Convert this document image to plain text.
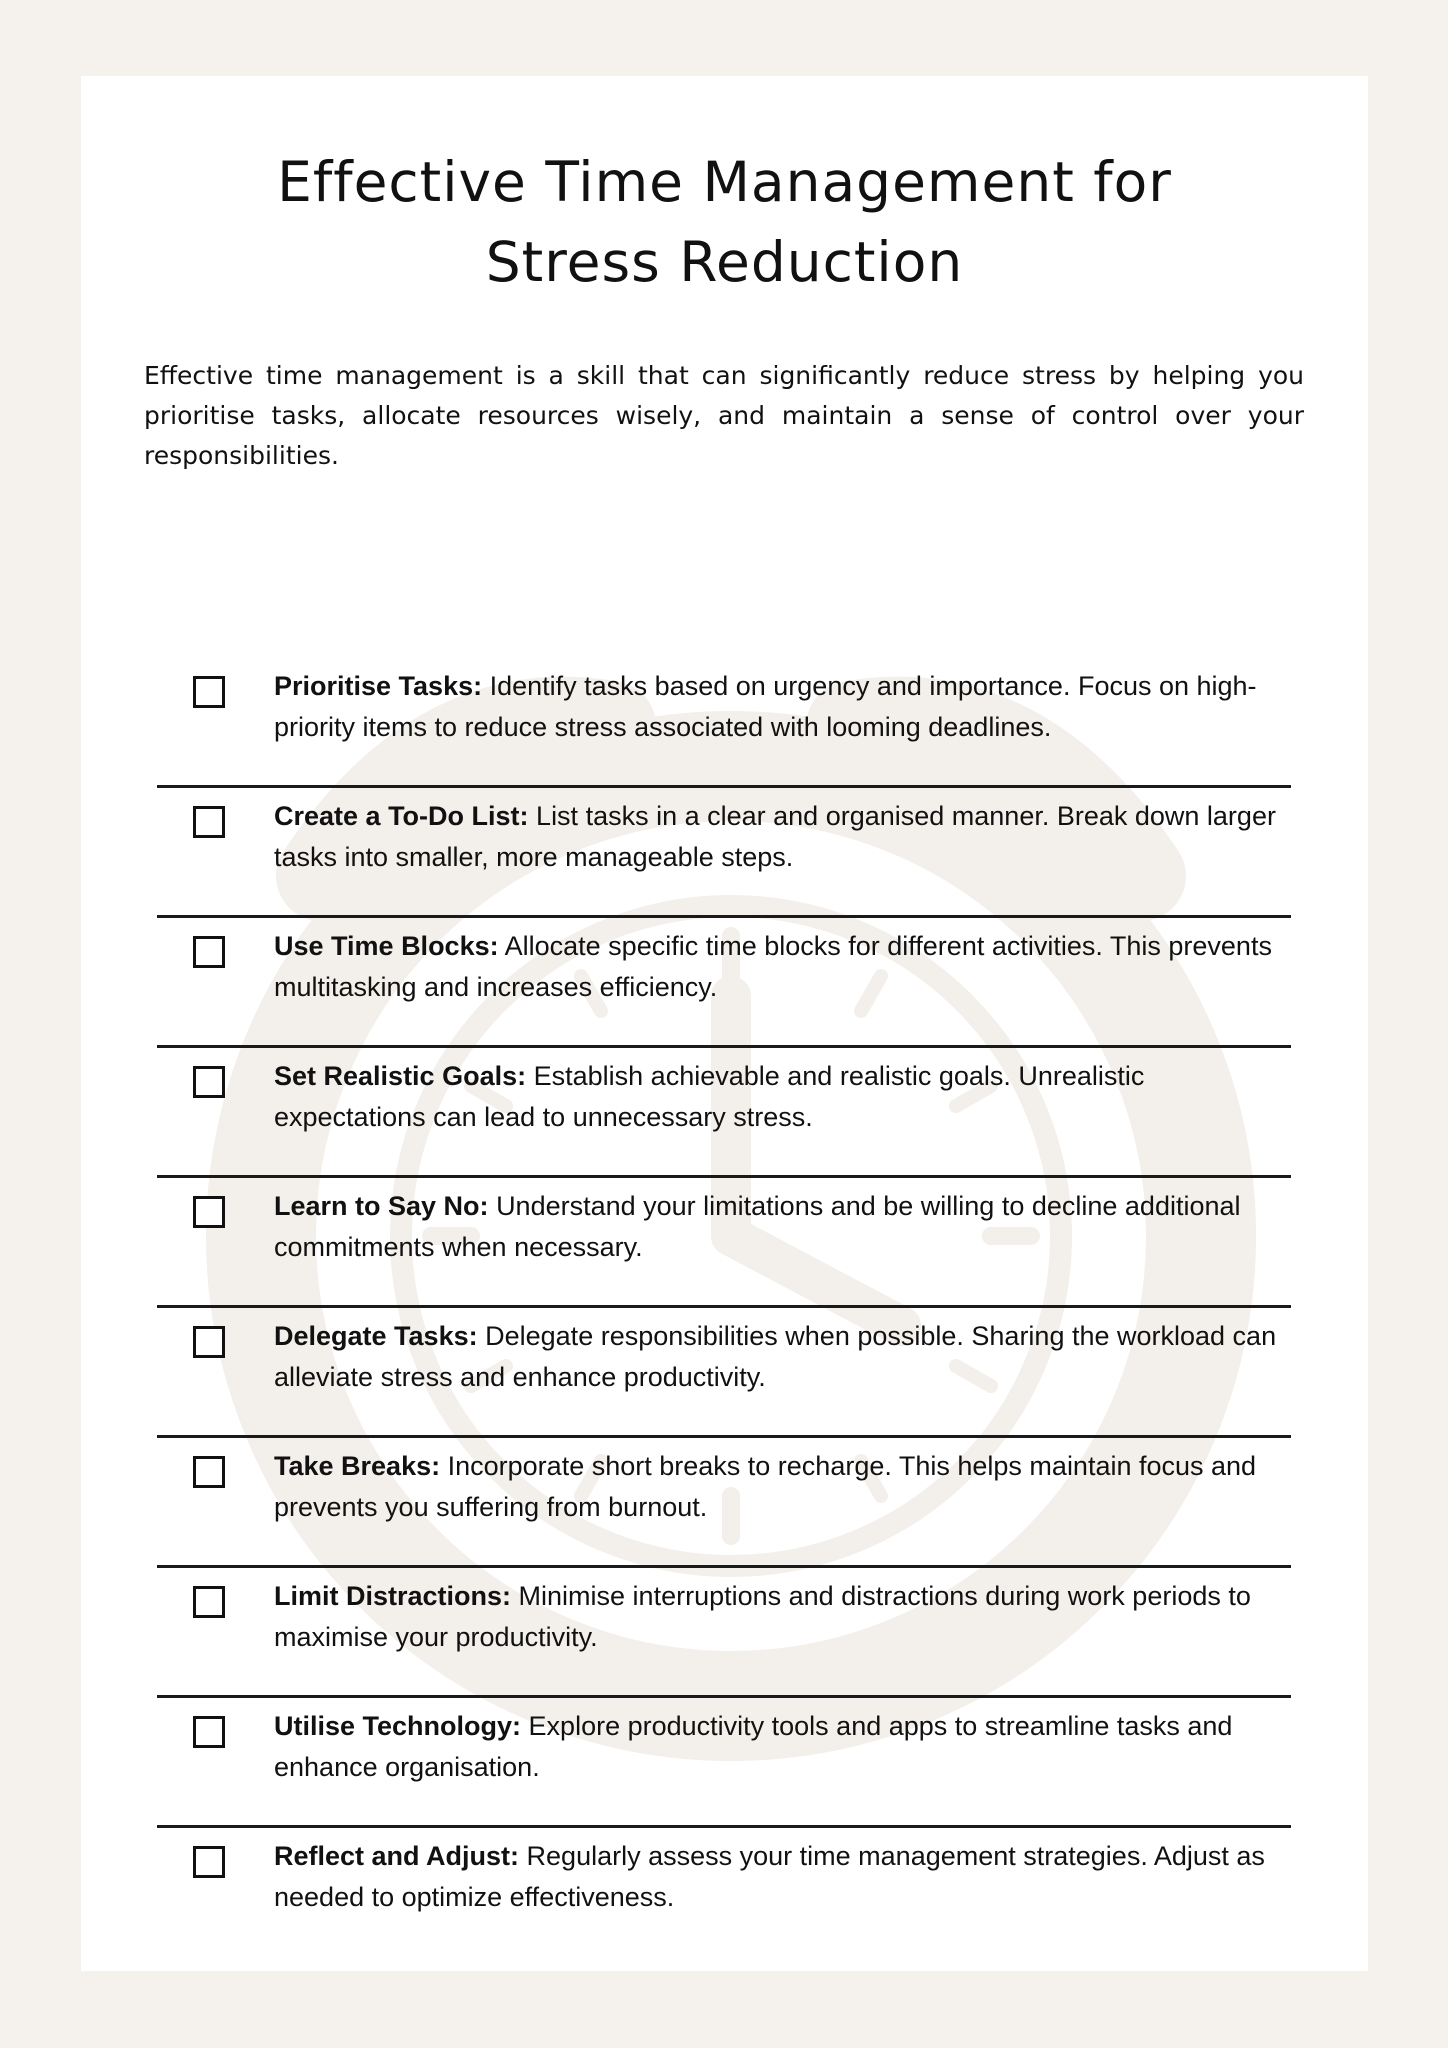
Effective Time Management for
Stress Reduction

Effective time management is a skill that can significantly reduce stress by helping you prioritise tasks, allocate resources wisely, and maintain a sense of control over your responsibilities.

Prioritise Tasks: Identify tasks based on urgency and importance. Focus on high-priority items to reduce stress associated with looming deadlines.

Create a To-Do List: List tasks in a clear and organised manner. Break down larger tasks into smaller, more manageable steps.

Use Time Blocks: Allocate specific time blocks for different activities. This prevents multitasking and increases efficiency.

Set Realistic Goals: Establish achievable and realistic goals. Unrealistic expectations can lead to unnecessary stress.

Learn to Say No: Understand your limitations and be willing to decline additional commitments when necessary.

Delegate Tasks: Delegate responsibilities when possible. Sharing the workload can alleviate stress and enhance productivity.

Take Breaks: Incorporate short breaks to recharge. This helps maintain focus and prevents you suffering from burnout.

Limit Distractions: Minimise interruptions and distractions during work periods to maximise your productivity.

Utilise Technology: Explore productivity tools and apps to streamline tasks and enhance organisation.

Reflect and Adjust: Regularly assess your time management strategies. Adjust as needed to optimize effectiveness.
